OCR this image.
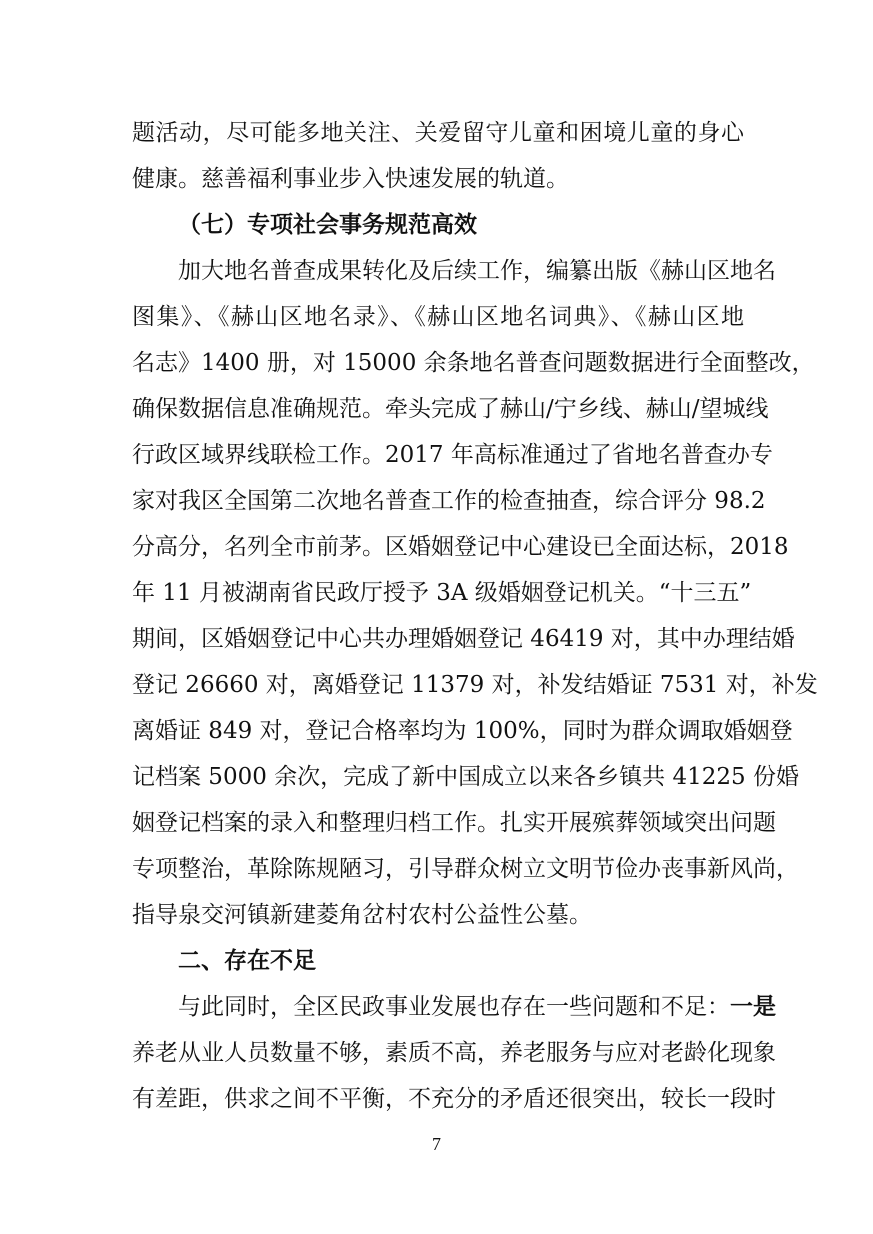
题活动，尽可能多地关注、关爱留守儿童和困境儿童的身心
健康。慈善福利事业步入快速发展的轨道。
（七）专项社会事务规范高效
加大地名普查成果转化及后续工作，编纂出版《赫山区地名
图集》、《赫山区地名录》、《赫山区地名词典》、《赫山区地
名志》1400 册，对 15000 余条地名普查问题数据进行全面整改，
确保数据信息准确规范。牵头完成了赫山/宁乡线、赫山/望城线
行政区域界线联检工作。2017 年高标准通过了省地名普查办专
家对我区全国第二次地名普查工作的检查抽查，综合评分 98.2
分高分，名列全市前茅。区婚姻登记中心建设已全面达标，2018
年 11 月被湖南省民政厅授予 3A 级婚姻登记机关。“十三五”
期间，区婚姻登记中心共办理婚姻登记 46419 对，其中办理结婚
登记 26660 对，离婚登记 11379 对，补发结婚证 7531 对，补发
离婚证 849 对，登记合格率均为 100%，同时为群众调取婚姻登
记档案 5000 余次，完成了新中国成立以来各乡镇共 41225 份婚
姻登记档案的录入和整理归档工作。扎实开展殡葬领域突出问题
专项整治，革除陈规陋习，引导群众树立文明节俭办丧事新风尚，
指导泉交河镇新建菱角岔村农村公益性公墓。
二、存在不足
与此同时，全区民政事业发展也存在一些问题和不足：一是
养老从业人员数量不够，素质不高，养老服务与应对老龄化现象
有差距，供求之间不平衡，不充分的矛盾还很突出，较长一段时
7
